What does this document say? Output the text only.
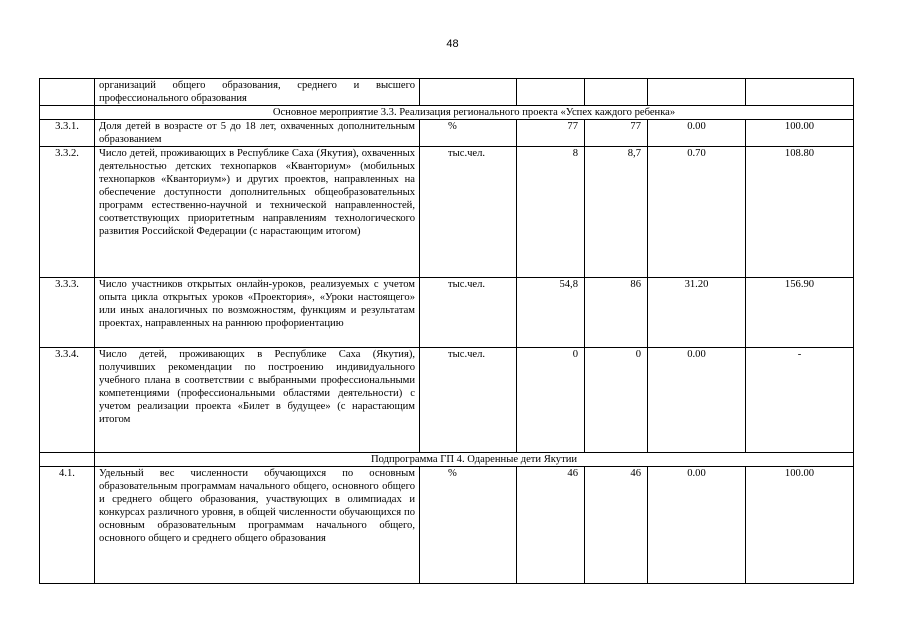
48
	организаций общего образования, среднего и высшего профессионального образования					
	Основное мероприятие 3.3. Реализация регионального проекта «Успех каждого ребенка»					
3.3.1.	Доля детей в возрасте от 5 до 18 лет, охваченных дополнительным образованием	%	77	77	0.00	100.00
3.3.2.	Число детей, проживающих в Республике Саха (Якутия), охваченных деятельностью детских технопарков «Кванториум» (мобильных технопарков «Кванториум») и других проектов, направленных на обеспечение доступности дополнительных общеобразовательных программ естественно-научной и технической направленностей, соответствующих приоритетным направлениям технологического развития Российской Федерации (с нарастающим итогом)	тыс.чел.	8	8,7	0.70	108.80
3.3.3.	Число участников открытых онлайн-уроков, реализуемых с учетом опыта цикла открытых уроков «Проектория», «Уроки настоящего» или иных аналогичных по возможностям, функциям и результатам проектах, направленных на раннюю профориентацию	тыс.чел.	54,8	86	31.20	156.90
3.3.4.	Число детей, проживающих в Республике Саха (Якутия), получивших рекомендации по построению индивидуального учебного плана в соответствии с выбранными профессиональными компетенциями (профессиональными областями деятельности) с учетом реализации проекта «Билет в будущее» (с нарастающим итогом	тыс.чел.	0	0	0.00	-
	Подпрограмма ГП 4. Одаренные дети Якутии					
4.1.	Удельный вес численности обучающихся по основным образовательным программам начального общего, основного общего и среднего общего образования, участвующих в олимпиадах и конкурсах различного уровня, в общей численности обучающихся по основным образовательным программам начального общего, основного общего и среднего общего образования	%	46	46	0.00	100.00
